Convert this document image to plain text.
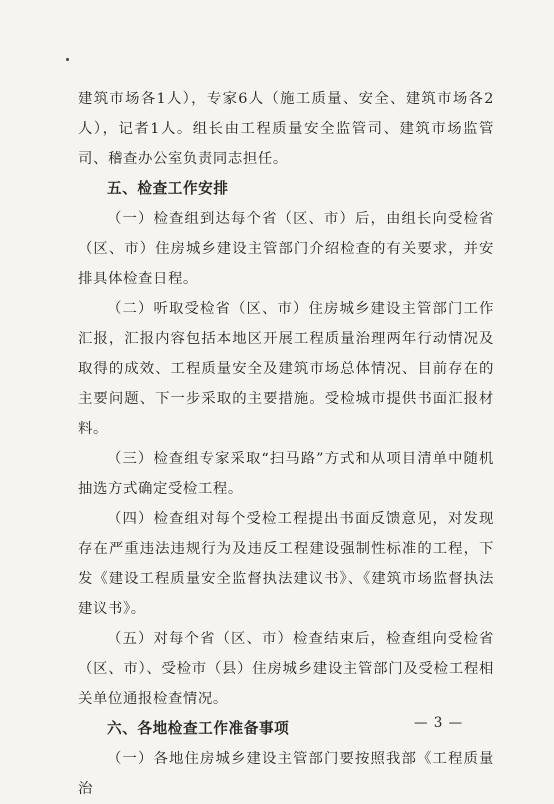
建筑市场各1人），专家6人（施工质量、安全、建筑市场各2人），记者1人。组长由工程质量安全监管司、建筑市场监管司、稽查办公室负责同志担任。

五、检查工作安排

（一）检查组到达每个省（区、市）后，由组长向受检省（区、市）住房城乡建设主管部门介绍检查的有关要求，并安排具体检查日程。

（二）听取受检省（区、市）住房城乡建设主管部门工作汇报，汇报内容包括本地区开展工程质量治理两年行动情况及取得的成效、工程质量安全及建筑市场总体情况、目前存在的主要问题、下一步采取的主要措施。受检城市提供书面汇报材料。

（三）检查组专家采取“扫马路”方式和从项目清单中随机抽选方式确定受检工程。

（四）检查组对每个受检工程提出书面反馈意见，对发现存在严重违法违规行为及违反工程建设强制性标准的工程，下发《建设工程质量安全监督执法建议书》、《建筑市场监督执法建议书》。

（五）对每个省（区、市）检查结束后，检查组向受检省（区、市）、受检市（县）住房城乡建设主管部门及受检工程相关单位通报检查情况。

六、各地检查工作准备事项

（一）各地住房城乡建设主管部门要按照我部《工程质量治

— 3 —
